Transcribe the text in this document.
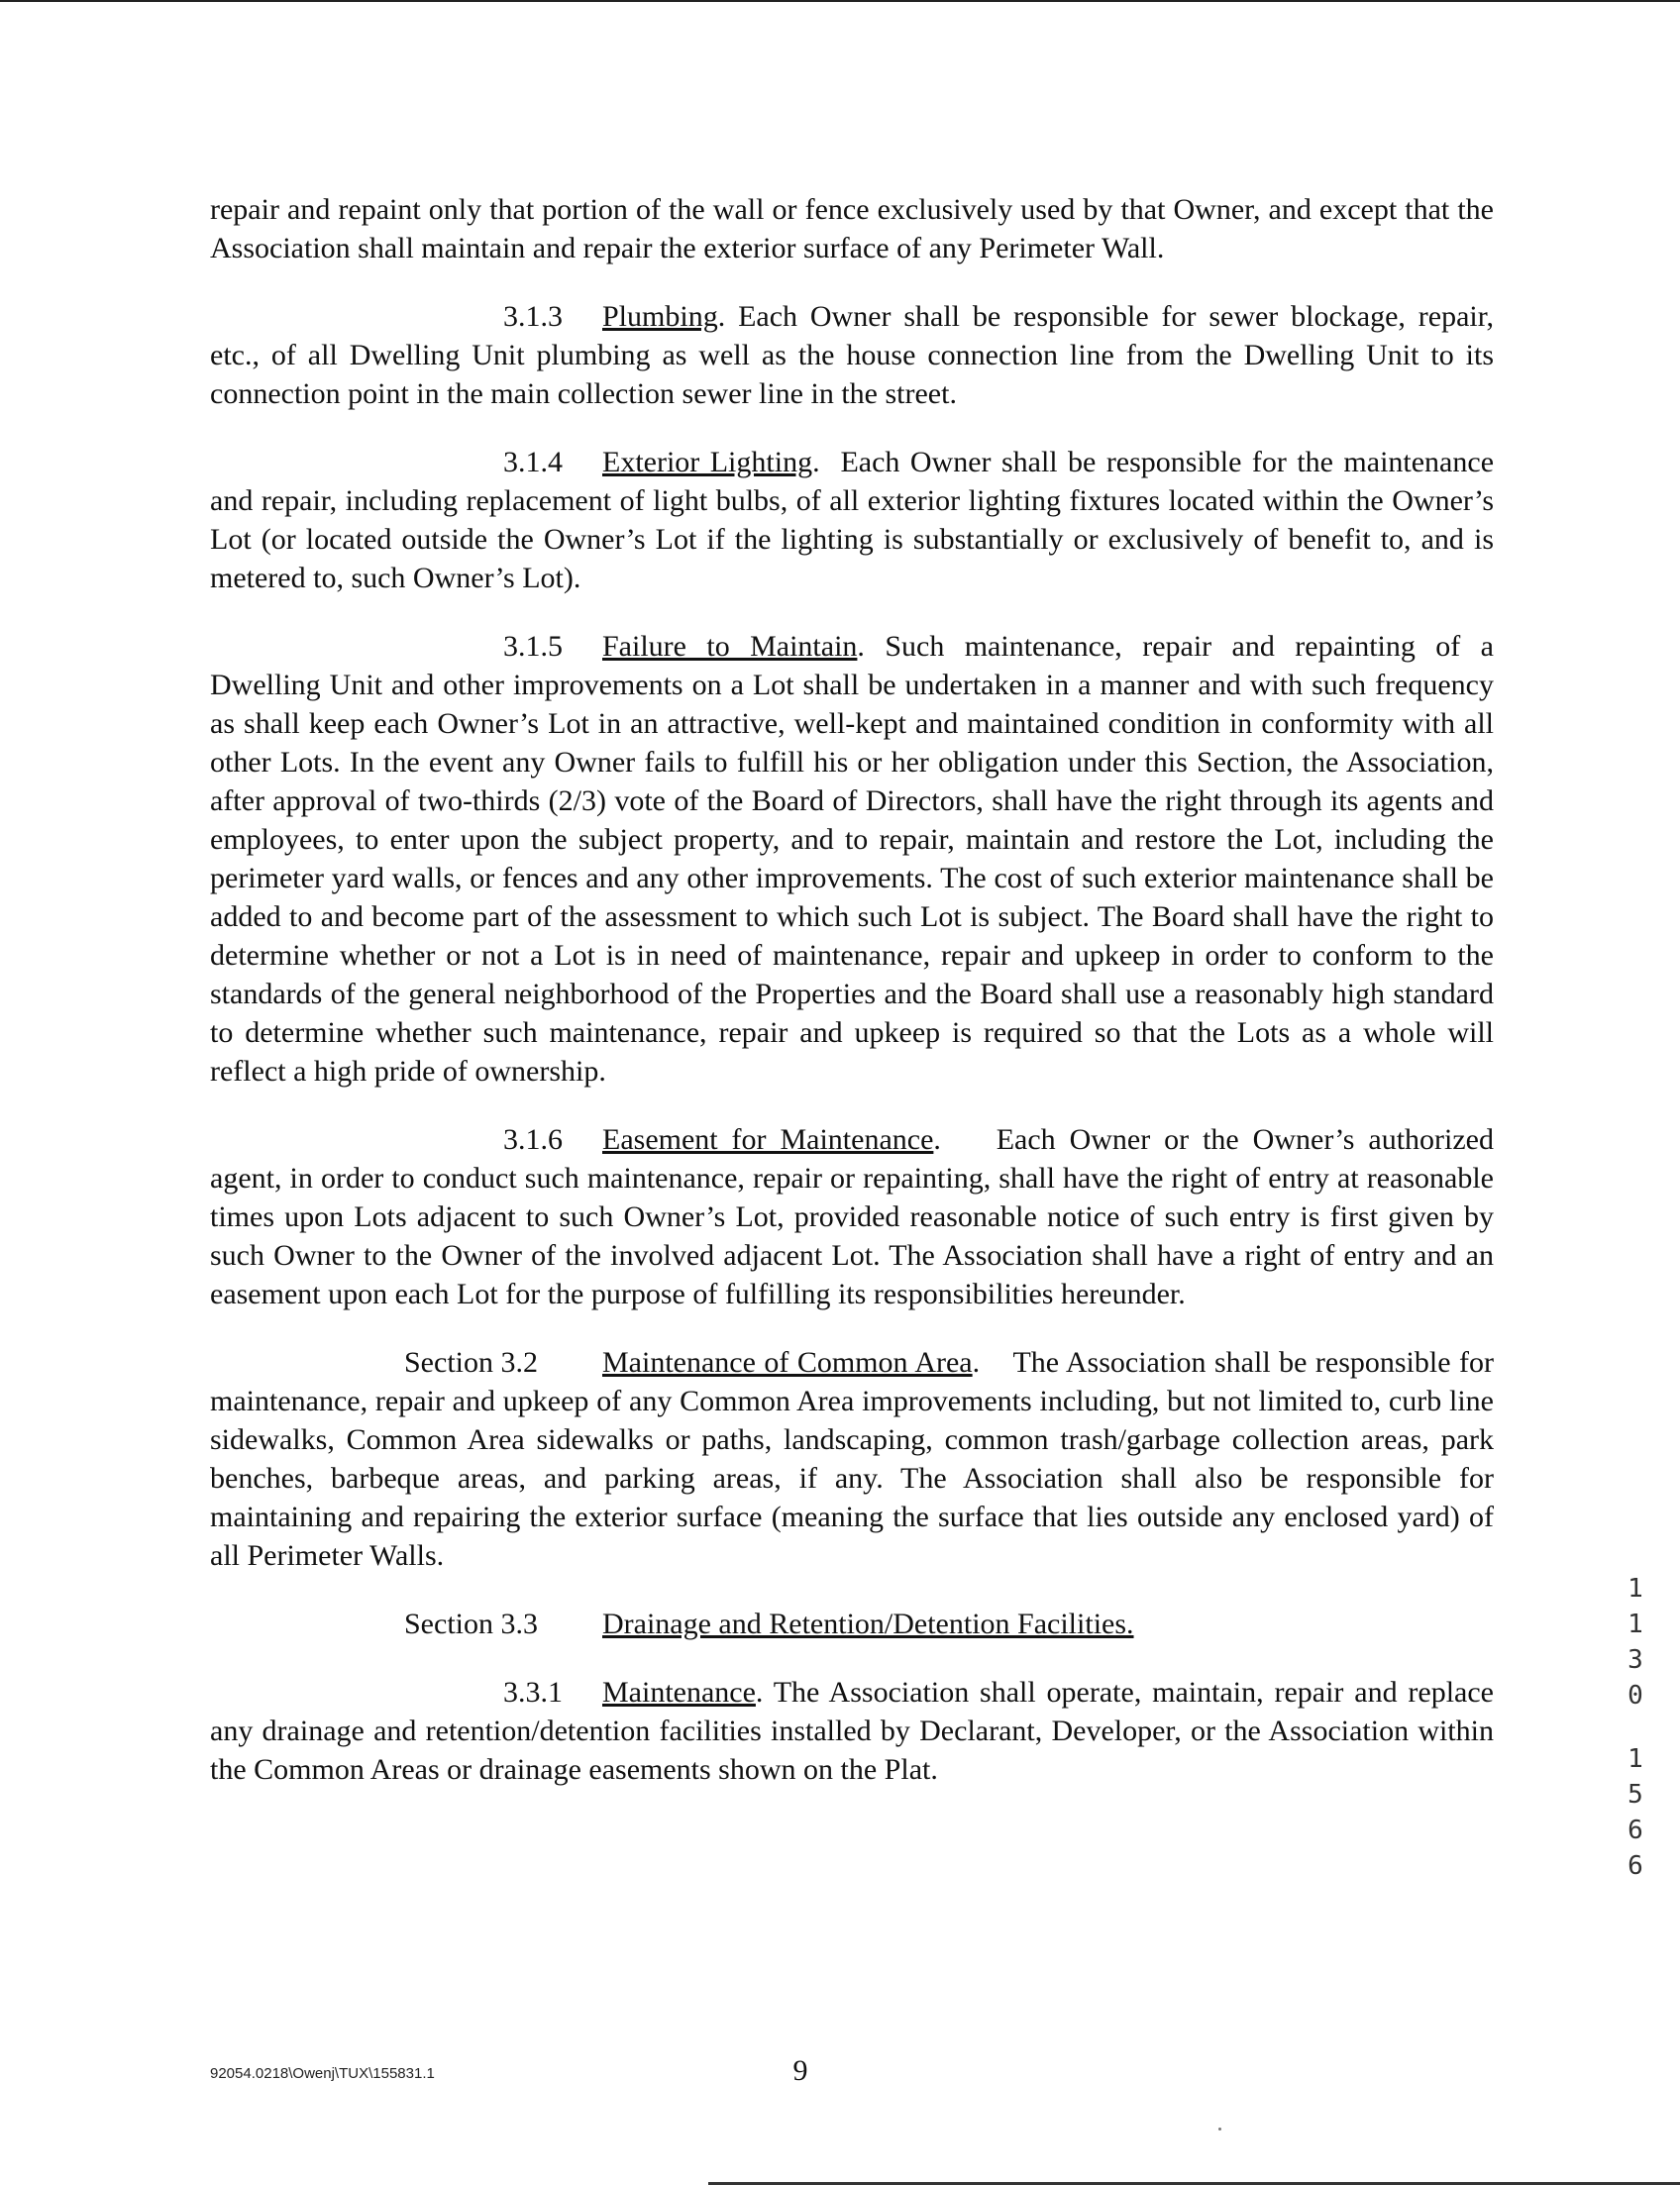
repair and repaint only that portion of the wall or fence exclusively used by that Owner, and except that the Association shall maintain and repair the exterior surface of any Perimeter Wall.

3.1.3 Plumbing. Each Owner shall be responsible for sewer blockage, repair, etc., of all Dwelling Unit plumbing as well as the house connection line from the Dwelling Unit to its connection point in the main collection sewer line in the street.

3.1.4 Exterior Lighting.  Each Owner shall be responsible for the maintenance and repair, including replacement of light bulbs, of all exterior lighting fixtures located within the Owner’s Lot (or located outside the Owner’s Lot if the lighting is substantially or exclusively of benefit to, and is metered to, such Owner’s Lot).

3.1.5 Failure to Maintain. Such maintenance, repair and repainting of a Dwelling Unit and other improvements on a Lot shall be undertaken in a manner and with such frequency as shall keep each Owner’s Lot in an attractive, well-kept and maintained condition in conformity with all other Lots. In the event any Owner fails to fulfill his or her obligation under this Section, the Association, after approval of two-thirds (2/3) vote of the Board of Directors, shall have the right through its agents and employees, to enter upon the subject property, and to repair, maintain and restore the Lot, including the perimeter yard walls, or fences and any other improvements. The cost of such exterior maintenance shall be added to and become part of the assessment to which such Lot is subject. The Board shall have the right to determine whether or not a Lot is in need of maintenance, repair and upkeep in order to conform to the standards of the general neighborhood of the Properties and the Board shall use a reasonably high standard to determine whether such maintenance, repair and upkeep is required so that the Lots as a whole will reflect a high pride of ownership.

3.1.6 Easement for Maintenance.    Each Owner or the Owner’s authorized agent, in order to conduct such maintenance, repair or repainting, shall have the right of entry at reasonable times upon Lots adjacent to such Owner’s Lot, provided reasonable notice of such entry is first given by such Owner to the Owner of the involved adjacent Lot. The Association shall have a right of entry and an easement upon each Lot for the purpose of fulfilling its responsibilities hereunder.

Section 3.2 Maintenance of Common Area.    The Association shall be responsible for maintenance, repair and upkeep of any Common Area improvements including, but not limited to, curb line sidewalks, Common Area sidewalks or paths, landscaping, common trash/garbage collection areas, park benches, barbeque areas, and parking areas, if any. The Association shall also be responsible for maintaining and repairing the exterior surface (meaning the surface that lies outside any enclosed yard) of all Perimeter Walls.

Section 3.3 Drainage and Retention/Detention Facilities.

3.3.1 Maintenance. The Association shall operate, maintain, repair and replace any drainage and retention/detention facilities installed by Declarant, Developer, or the Association within the Common Areas or drainage easements shown on the Plat.

1
1
3
0
1
5
6
6
92054.0218\Owenj\TUX\155831.1	9
